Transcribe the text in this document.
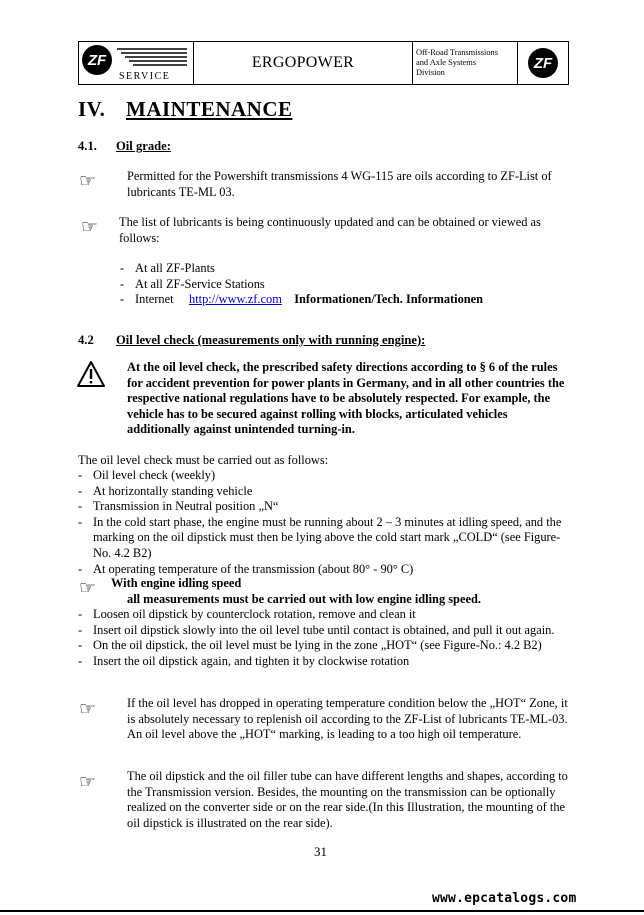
ZF
SERVICE
ERGOPOWER
Off-Road Transmissions
and Axle Systems
Division
ZF
IV. MAINTENANCE
4.1. Oil grade:
☞ Permitted for the Powershift transmissions 4 WG-115 are oils according to ZF-List of lubricants TE-ML 03.
☞ The list of lubricants is being continuously updated and can be obtained or viewed as follows:
- At all ZF-Plants
- At all ZF-Service Stations
- Internet http://www.zf.com Informationen/Tech. Informationen
4.2 Oil level check (measurements only with running engine):
At the oil level check, the prescribed safety directions according to § 6 of the rules for accident prevention for power plants in Germany, and in all other countries the respective national regulations have to be absolutely respected. For example, the vehicle has to be secured against rolling with blocks, articulated vehicles additionally against unintended turning-in.
The oil level check must be carried out as follows:
- Oil level check (weekly)
- At horizontally standing vehicle
- Transmission in Neutral position „N“
- In the cold start phase, the engine must be running about 2 – 3 minutes at idling speed, and the marking on the oil dipstick must then be lying above the cold start mark „COLD“ (see Figure-No. 4.2 B2)
- At operating temperature of the transmission (about 80° - 90° C)
☞ With engine idling speed
all measurements must be carried out with low engine idling speed.
- Loosen oil dipstick by counterclock rotation, remove and clean it
- Insert oil dipstick slowly into the oil level tube until contact is obtained, and pull it out again.
- On the oil dipstick, the oil level must be lying in the zone „HOT“ (see Figure-No.: 4.2 B2)
- Insert the oil dipstick again, and tighten it by clockwise rotation
☞ If the oil level has dropped in operating temperature condition below the „HOT“ Zone, it is absolutely necessary to replenish oil according to the ZF-List of lubricants TE-ML-03.
An oil level above the „HOT“ marking, is leading to a too high oil temperature.
☞ The oil dipstick and the oil filler tube can have different lengths and shapes, according to the Transmission version. Besides, the mounting on the transmission can be optionally realized on the converter side or on the rear side.(In this Illustration, the mounting of the oil dipstick is illustrated on the rear side).
31
www.epcatalogs.com
